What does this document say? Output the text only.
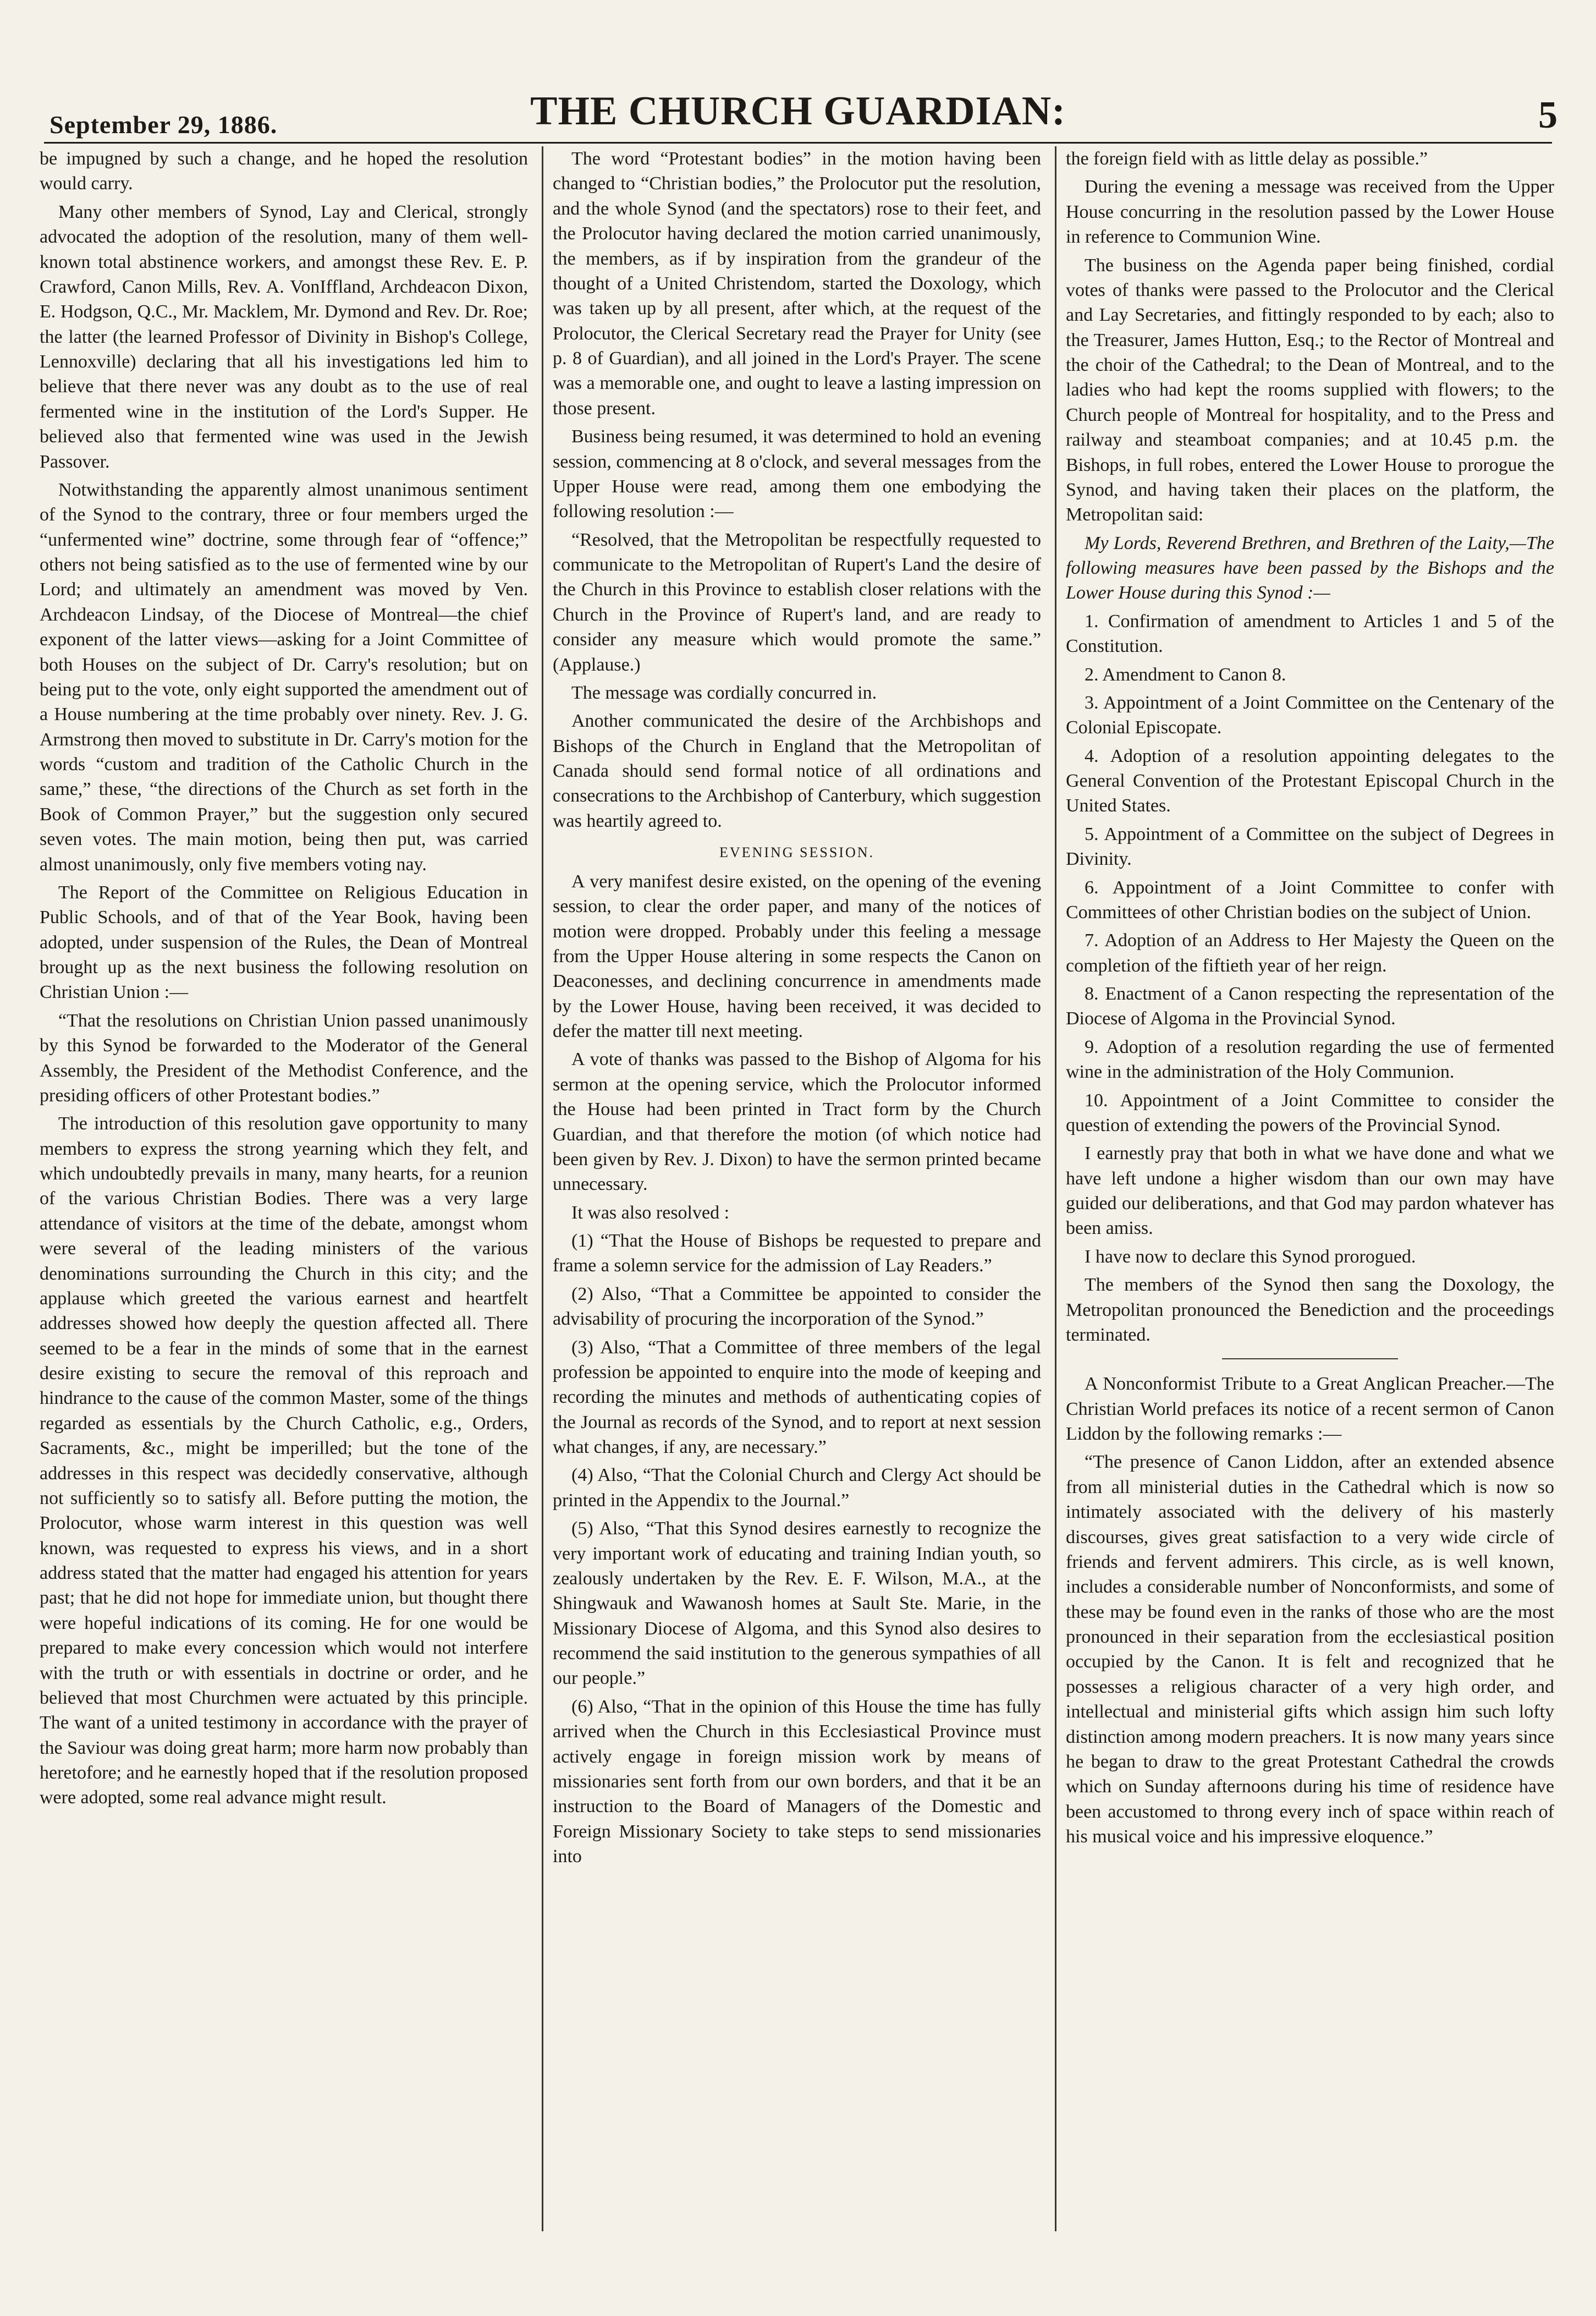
September 29, 1886.	THE CHURCH GUARDIAN:	5

be impugned by such a change, and he hoped the resolution would carry.

Many other members of Synod, Lay and Clerical, strongly advocated the adoption of the resolution, many of them well-known total abstinence workers, and amongst these Rev. E. P. Crawford, Canon Mills, Rev. A. VonIffland, Archdeacon Dixon, E. Hodgson, Q.C., Mr. Macklem, Mr. Dymond and Rev. Dr. Roe; the latter (the learned Professor of Divinity in Bishop's College, Lennoxville) declaring that all his investigations led him to believe that there never was any doubt as to the use of real fermented wine in the institution of the Lord's Supper. He believed also that fermented wine was used in the Jewish Passover.

Notwithstanding the apparently almost unanimous sentiment of the Synod to the contrary, three or four members urged the “unfermented wine” doctrine, some through fear of “offence;” others not being satisfied as to the use of fermented wine by our Lord; and ultimately an amendment was moved by Ven. Archdeacon Lindsay, of the Diocese of Montreal—the chief exponent of the latter views—asking for a Joint Committee of both Houses on the subject of Dr. Carry's resolution; but on being put to the vote, only eight supported the amendment out of a House numbering at the time probably over ninety. Rev. J. G. Armstrong then moved to substitute in Dr. Carry's motion for the words “custom and tradition of the Catholic Church in the same,” these, “the directions of the Church as set forth in the Book of Common Prayer,” but the suggestion only secured seven votes. The main motion, being then put, was carried almost unanimously, only five members voting nay.

The Report of the Committee on Religious Education in Public Schools, and of that of the Year Book, having been adopted, under suspension of the Rules, the Dean of Montreal brought up as the next business the following resolution on Christian Union :—

“That the resolutions on Christian Union passed unanimously by this Synod be forwarded to the Moderator of the General Assembly, the President of the Methodist Conference, and the presiding officers of other Protestant bodies.”

The introduction of this resolution gave opportunity to many members to express the strong yearning which they felt, and which undoubtedly prevails in many, many hearts, for a reunion of the various Christian Bodies. There was a very large attendance of visitors at the time of the debate, amongst whom were several of the leading ministers of the various denominations surrounding the Church in this city; and the applause which greeted the various earnest and heartfelt addresses showed how deeply the question affected all. There seemed to be a fear in the minds of some that in the earnest desire existing to secure the removal of this reproach and hindrance to the cause of the common Master, some of the things regarded as essentials by the Church Catholic, e.g., Orders, Sacraments, &c., might be imperilled; but the tone of the addresses in this respect was decidedly conservative, although not sufficiently so to satisfy all. Before putting the motion, the Prolocutor, whose warm interest in this question was well known, was requested to express his views, and in a short address stated that the matter had engaged his attention for years past; that he did not hope for immediate union, but thought there were hopeful indications of its coming. He for one would be prepared to make every concession which would not interfere with the truth or with essentials in doctrine or order, and he believed that most Churchmen were actuated by this principle. The want of a united testimony in accordance with the prayer of the Saviour was doing great harm; more harm now probably than heretofore; and he earnestly hoped that if the resolution proposed were adopted, some real advance might result.

The word “Protestant bodies” in the motion having been changed to “Christian bodies,” the Prolocutor put the resolution, and the whole Synod (and the spectators) rose to their feet, and the Prolocutor having declared the motion carried unanimously, the members, as if by inspiration from the grandeur of the thought of a United Christendom, started the Doxology, which was taken up by all present, after which, at the request of the Prolocutor, the Clerical Secretary read the Prayer for Unity (see p. 8 of Guardian), and all joined in the Lord's Prayer. The scene was a memorable one, and ought to leave a lasting impression on those present.

Business being resumed, it was determined to hold an evening session, commencing at 8 o'clock, and several messages from the Upper House were read, among them one embodying the following resolution :—

“Resolved, that the Metropolitan be respectfully requested to communicate to the Metropolitan of Rupert's Land the desire of the Church in this Province to establish closer relations with the Church in the Province of Rupert's land, and are ready to consider any measure which would promote the same.” (Applause.)

The message was cordially concurred in.

Another communicated the desire of the Archbishops and Bishops of the Church in England that the Metropolitan of Canada should send formal notice of all ordinations and consecrations to the Archbishop of Canterbury, which suggestion was heartily agreed to.

EVENING SESSION.

A very manifest desire existed, on the opening of the evening session, to clear the order paper, and many of the notices of motion were dropped. Probably under this feeling a message from the Upper House altering in some respects the Canon on Deaconesses, and declining concurrence in amendments made by the Lower House, having been received, it was decided to defer the matter till next meeting.

A vote of thanks was passed to the Bishop of Algoma for his sermon at the opening service, which the Prolocutor informed the House had been printed in Tract form by the Church Guardian, and that therefore the motion (of which notice had been given by Rev. J. Dixon) to have the sermon printed became unnecessary.

It was also resolved :

(1) “That the House of Bishops be requested to prepare and frame a solemn service for the admission of Lay Readers.”

(2) Also, “That a Committee be appointed to consider the advisability of procuring the incorporation of the Synod.”

(3) Also, “That a Committee of three members of the legal profession be appointed to enquire into the mode of keeping and recording the minutes and methods of authenticating copies of the Journal as records of the Synod, and to report at next session what changes, if any, are necessary.”

(4) Also, “That the Colonial Church and Clergy Act should be printed in the Appendix to the Journal.”

(5) Also, “That this Synod desires earnestly to recognize the very important work of educating and training Indian youth, so zealously undertaken by the Rev. E. F. Wilson, M.A., at the Shingwauk and Wawanosh homes at Sault Ste. Marie, in the Missionary Diocese of Algoma, and this Synod also desires to recommend the said institution to the generous sympathies of all our people.”

(6) Also, “That in the opinion of this House the time has fully arrived when the Church in this Ecclesiastical Province must actively engage in foreign mission work by means of missionaries sent forth from our own borders, and that it be an instruction to the Board of Managers of the Domestic and Foreign Missionary Society to take steps to send missionaries into

the foreign field with as little delay as possible.”

During the evening a message was received from the Upper House concurring in the resolution passed by the Lower House in reference to Communion Wine.

The business on the Agenda paper being finished, cordial votes of thanks were passed to the Prolocutor and the Clerical and Lay Secretaries, and fittingly responded to by each; also to the Treasurer, James Hutton, Esq.; to the Rector of Montreal and the choir of the Cathedral; to the Dean of Montreal, and to the ladies who had kept the rooms supplied with flowers; to the Church people of Montreal for hospitality, and to the Press and railway and steamboat companies; and at 10.45 p.m. the Bishops, in full robes, entered the Lower House to prorogue the Synod, and having taken their places on the platform, the Metropolitan said:

My Lords, Reverend Brethren, and Brethren of the Laity,—The following measures have been passed by the Bishops and the Lower House during this Synod :—

1. Confirmation of amendment to Articles 1 and 5 of the Constitution.

2. Amendment to Canon 8.

3. Appointment of a Joint Committee on the Centenary of the Colonial Episcopate.

4. Adoption of a resolution appointing delegates to the General Convention of the Protestant Episcopal Church in the United States.

5. Appointment of a Committee on the subject of Degrees in Divinity.

6. Appointment of a Joint Committee to confer with Committees of other Christian bodies on the subject of Union.

7. Adoption of an Address to Her Majesty the Queen on the completion of the fiftieth year of her reign.

8. Enactment of a Canon respecting the representation of the Diocese of Algoma in the Provincial Synod.

9. Adoption of a resolution regarding the use of fermented wine in the administration of the Holy Communion.

10. Appointment of a Joint Committee to consider the question of extending the powers of the Provincial Synod.

I earnestly pray that both in what we have done and what we have left undone a higher wisdom than our own may have guided our deliberations, and that God may pardon whatever has been amiss.

I have now to declare this Synod prorogued.

The members of the Synod then sang the Doxology, the Metropolitan pronounced the Benediction and the proceedings terminated.

A Nonconformist Tribute to a Great Anglican Preacher.—The Christian World prefaces its notice of a recent sermon of Canon Liddon by the following remarks :—

“The presence of Canon Liddon, after an extended absence from all ministerial duties in the Cathedral which is now so intimately associated with the delivery of his masterly discourses, gives great satisfaction to a very wide circle of friends and fervent admirers. This circle, as is well known, includes a considerable number of Nonconformists, and some of these may be found even in the ranks of those who are the most pronounced in their separation from the ecclesiastical position occupied by the Canon. It is felt and recognized that he possesses a religious character of a very high order, and intellectual and ministerial gifts which assign him such lofty distinction among modern preachers. It is now many years since he began to draw to the great Protestant Cathedral the crowds which on Sunday afternoons during his time of residence have been accustomed to throng every inch of space within reach of his musical voice and his impressive eloquence.”
